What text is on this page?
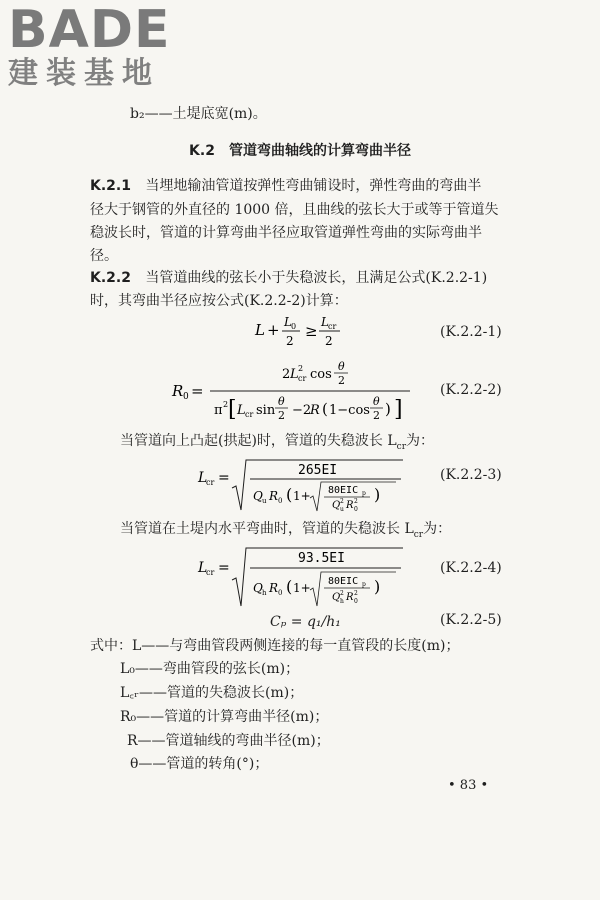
BADE
建装基地
b₂——土堤底宽(m)。
K.2　管道弯曲轴线的计算弯曲半径
K.2.1 当埋地输油管道按弹性弯曲铺设时，弹性弯曲的弯曲半
径大于钢管的外直径的 1000 倍，且曲线的弦长大于或等于管道失
稳波长时，管道的计算弯曲半径应取管道弹性弯曲的实际弯曲半
径。
K.2.2 当管道曲线的弦长小于失稳波长，且满足公式(K.2.2-1)
时，其弯曲半径应按公式(K.2.2-2)计算：
L + L 0
2
≥ L cr
2
(K.2.2-1)
R 0 =
2 L 2
cr cos
θ
2
π 2 [ L cr sin
θ
2 −2
R ( 1−cos
θ
2 ) ]
(K.2.2-2)
当管道向上凸起(拱起)时，管道的失稳波长 $L_{cr}$为：
L
cr =	265EI
Q u R 0 ( 1+ 80EIC p
Q 2
u R 2
0
)
(K.2.2-3)
当管道在土堤内水平弯曲时，管道的失稳波长 $L_{cr}$为：
L
cr =
93.5EI
Q h R 0 ( 1+ 80EIC p
Q 2
h R 2
0
)
(K.2.2-4)
Cₚ = q₁/h₁	(K.2.2-5)
式中：L——与弯曲管段两侧连接的每一直管段的长度(m)；
L₀——弯曲管段的弦长(m)；
L꜀ᵣ——管道的失稳波长(m)；
R₀——管道的计算弯曲半径(m)；
R——管道轴线的弯曲半径(m)；
θ——管道的转角(°)；
• 83 •
